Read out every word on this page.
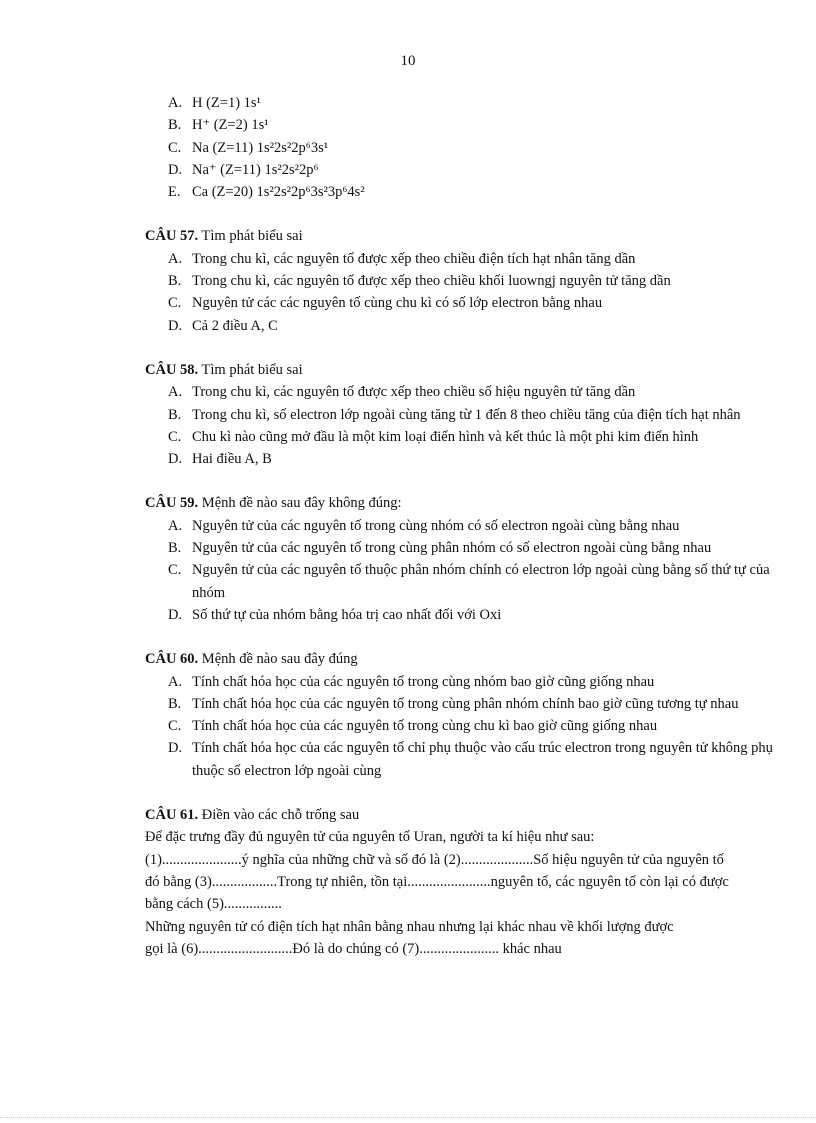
10
A. H (Z=1) 1s¹
B. H⁺ (Z=2) 1s¹
C. Na (Z=11) 1s²2s²2p⁶3s¹
D. Na⁺ (Z=11) 1s²2s²2p⁶
E. Ca (Z=20) 1s²2s²2p⁶3s²3p⁶4s²
CÂU 57. Tìm phát biểu sai
A. Trong chu kì, các nguyên tố được xếp theo chiều điện tích hạt nhân tăng dần
B. Trong chu kì, các nguyên tố được xếp theo chiều khối luowngj nguyên tử tăng dần
C. Nguyên tử các các nguyên tố cùng chu kì có số lớp electron bằng nhau
D. Cả 2 điều A, C
CÂU 58. Tìm phát biểu sai
A. Trong chu kì, các nguyên tố được xếp theo chiều số hiệu nguyên tử tăng dần
B. Trong chu kì, số electron lớp ngoài cùng tăng từ 1 đến 8 theo chiều tăng của điện tích hạt nhân
C. Chu kì nào cũng mở đầu là một kim loại điển hình và kết thúc là một phi kim điển hình
D. Hai điều A, B
CÂU 59. Mệnh đề nào sau đây không đúng:
A. Nguyên tử của các nguyên tố trong cùng nhóm có số electron ngoài cùng bằng nhau
B. Nguyên tử của các nguyên tố trong cùng phân nhóm có số electron ngoài cùng bằng nhau
C. Nguyên tử của các nguyên tố thuộc phân nhóm chính có electron lớp ngoài cùng bằng số thứ tự của nhóm
D. Số thứ tự của nhóm bằng hóa trị cao nhất đối với Oxi
CÂU 60. Mệnh đề nào sau đây đúng
A. Tính chất hóa học của các nguyên tố trong cùng nhóm bao giờ cũng giống nhau
B. Tính chất hóa học của các nguyên tố trong cùng phân nhóm chính bao giờ cũng tương tự nhau
C. Tính chất hóa học của các nguyên tố trong cùng chu kì bao giờ cũng giống nhau
D. Tính chất hóa học của các nguyên tố chỉ phụ thuộc vào cấu trúc electron trong nguyên tử không phụ thuộc số electron lớp ngoài cùng
CÂU 61. Điền vào các chỗ trống sau
Để đặc trưng đầy đủ nguyên tử của nguyên tố Uran, người ta kí hiệu như sau:
(1)......................ý nghĩa của những chữ và số đó là (2)....................Số hiệu nguyên tử của nguyên tố
đó bằng (3)..................Trong tự nhiên, tồn tại.......................nguyên tố, các nguyên tố còn lại có được
bằng cách (5)................
Những nguyên tử có điện tích hạt nhân bằng nhau nhưng lại khác nhau về khối lượng được
gọi là (6)..........................Đó là do chúng có (7)...................... khác nhau
